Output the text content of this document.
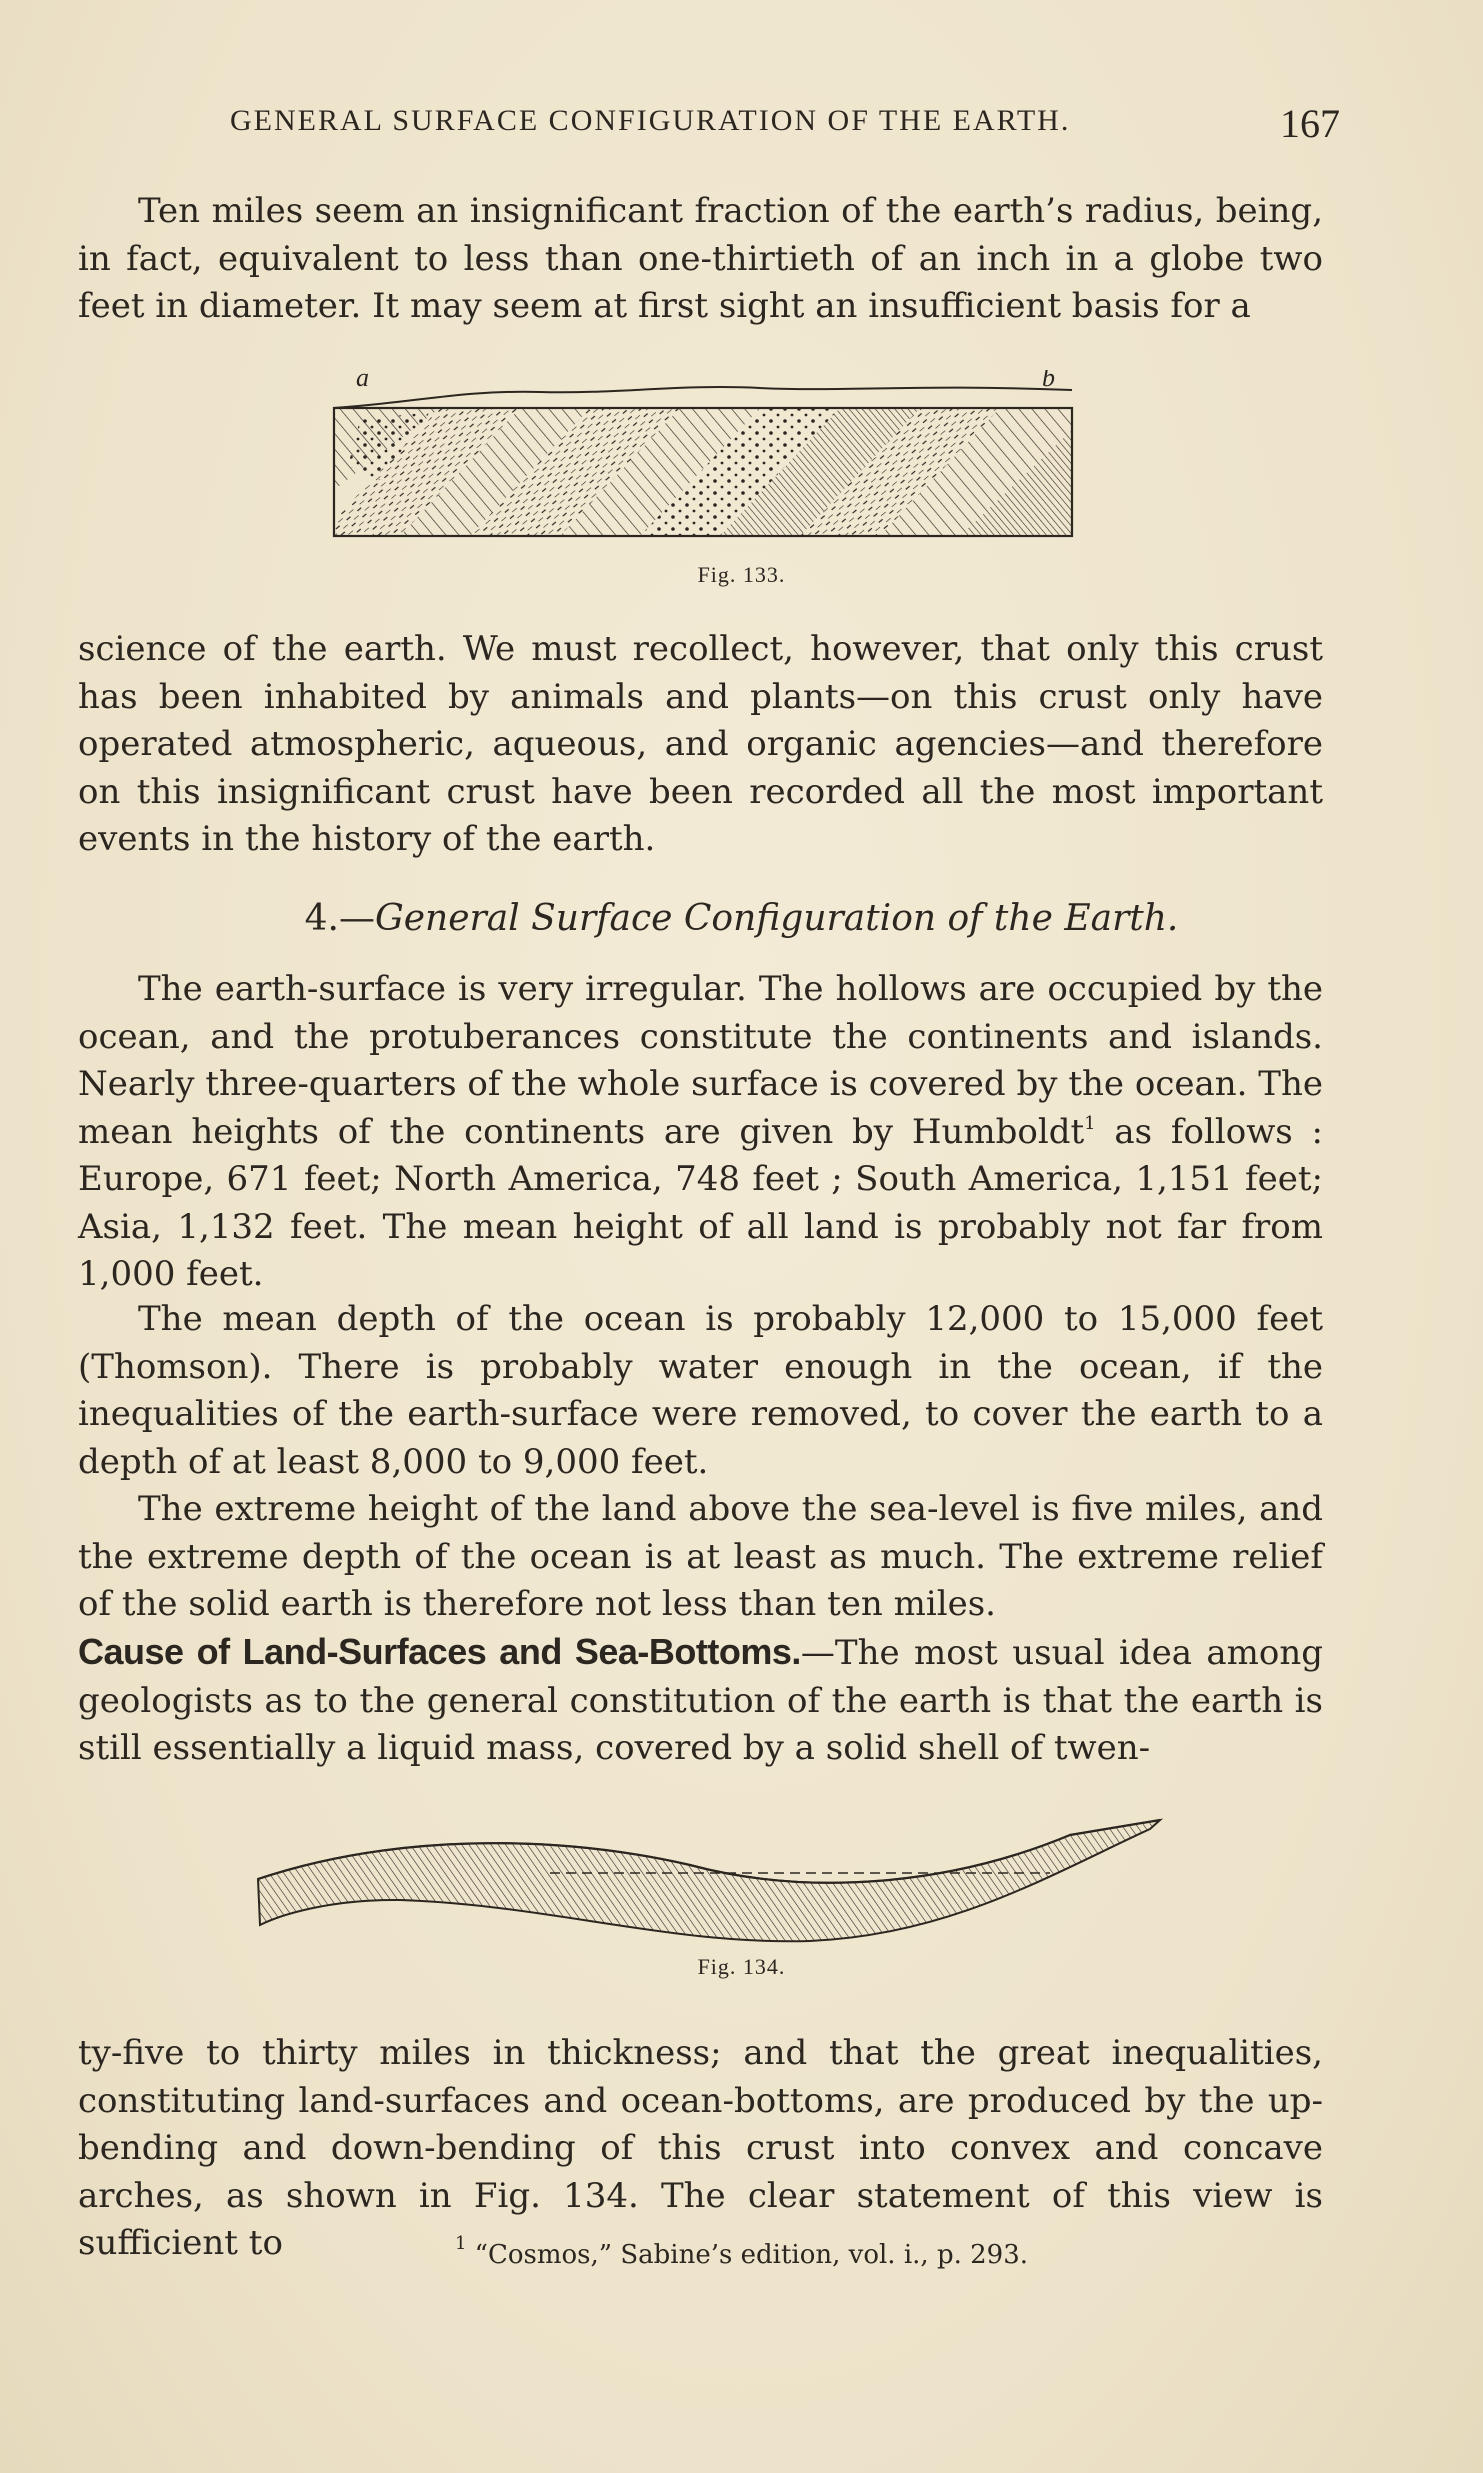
GENERAL SURFACE CONFIGURATION OF THE EARTH.	167
Ten miles seem an insignificant fraction of the earth’s radius, being, in fact, equivalent to less than one-thirtieth of an inch in a globe two feet in diameter. It may seem at first sight an insufficient basis for a
a	b
Fig. 133.
science of the earth. We must recollect, however, that only this crust has been inhabited by animals and plants—on this crust only have operated atmospheric, aqueous, and organic agencies—and therefore on this insignificant crust have been recorded all the most important events in the history of the earth.
4.—General Surface Configuration of the Earth.
The earth-surface is very irregular. The hollows are occupied by the ocean, and the protuberances constitute the continents and islands. Nearly three-quarters of the whole surface is covered by the ocean. The mean heights of the continents are given by Humboldt$^1$ as follows : Europe, 671 feet; North America, 748 feet ; South America, 1,151 feet; Asia, 1,132 feet. The mean height of all land is probably not far from 1,000 feet.
The mean depth of the ocean is probably 12,000 to 15,000 feet (Thomson). There is probably water enough in the ocean, if the inequalities of the earth-surface were removed, to cover the earth to a depth of at least 8,000 to 9,000 feet.
The extreme height of the land above the sea-level is five miles, and the extreme depth of the ocean is at least as much. The extreme relief of the solid earth is therefore not less than ten miles.
Cause of Land-Surfaces and Sea-Bottoms.—The most usual idea among geologists as to the general constitution of the earth is that the earth is still essentially a liquid mass, covered by a solid shell of twen-
Fig. 134.
ty-five to thirty miles in thickness; and that the great inequalities, constituting land-surfaces and ocean-bottoms, are produced by the up-bending and down-bending of this crust into convex and concave arches, as shown in Fig. 134. The clear statement of this view is sufficient to	$^1$ “Cosmos,” Sabine’s edition, vol. i., p. 293.
